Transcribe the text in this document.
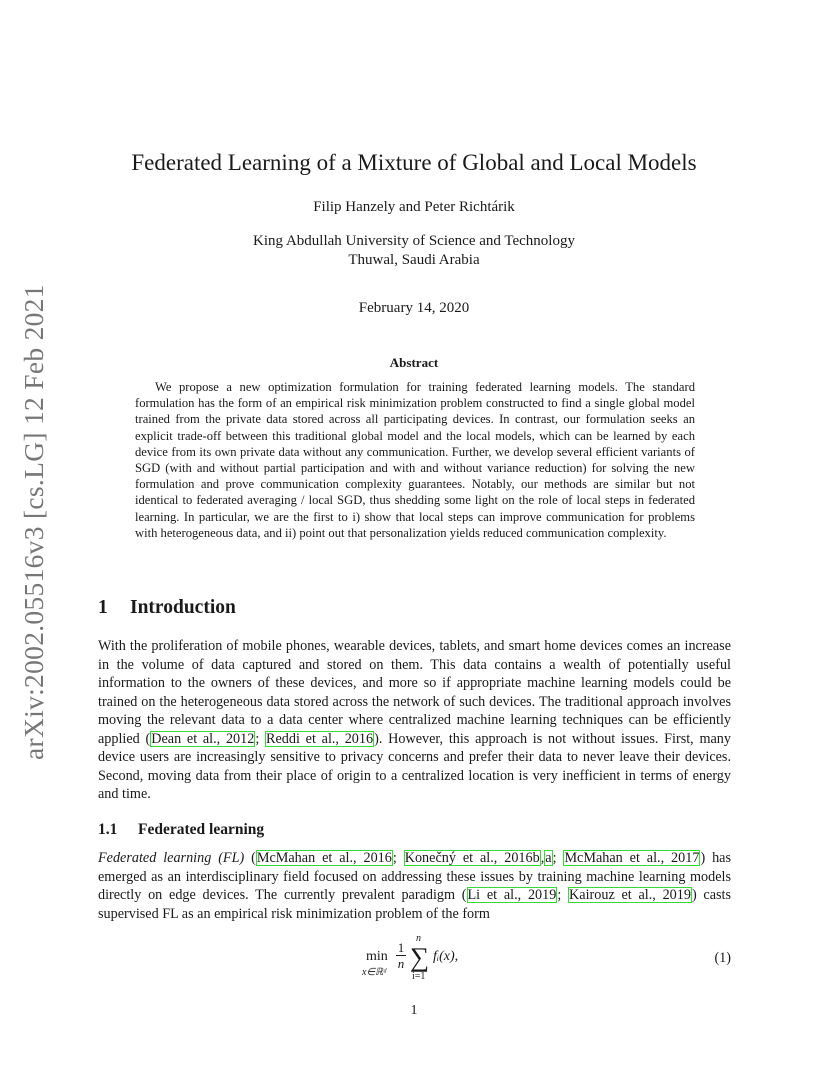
arXiv:2002.05516v3 [cs.LG] 12 Feb 2021
Federated Learning of a Mixture of Global and Local Models
Filip Hanzely and Peter Richtárik
King Abdullah University of Science and Technology
Thuwal, Saudi Arabia
February 14, 2020
Abstract
We propose a new optimization formulation for training federated learning models. The standard formulation has the form of an empirical risk minimization problem constructed to find a single global model trained from the private data stored across all participating devices. In contrast, our formulation seeks an explicit trade-off between this traditional global model and the local models, which can be learned by each device from its own private data without any communication. Further, we develop several efficient variants of SGD (with and without partial participation and with and without variance reduction) for solving the new formulation and prove communication complexity guarantees. Notably, our methods are similar but not identical to federated averaging / local SGD, thus shedding some light on the role of local steps in federated learning. In particular, we are the first to i) show that local steps can improve communication for problems with heterogeneous data, and ii) point out that personalization yields reduced communication complexity.
1 Introduction
With the proliferation of mobile phones, wearable devices, tablets, and smart home devices comes an increase in the volume of data captured and stored on them. This data contains a wealth of potentially useful information to the owners of these devices, and more so if appropriate machine learning models could be trained on the heterogeneous data stored across the network of such devices. The traditional approach involves moving the relevant data to a data center where centralized machine learning techniques can be efficiently applied (Dean et al., 2012; Reddi et al., 2016). However, this approach is not without issues. First, many device users are increasingly sensitive to privacy concerns and prefer their data to never leave their devices. Second, moving data from their place of origin to a centralized location is very inefficient in terms of energy and time.
1.1 Federated learning
Federated learning (FL) (McMahan et al., 2016; Konečný et al., 2016b,a; McMahan et al., 2017) has emerged as an interdisciplinary field focused on addressing these issues by training machine learning models directly on edge devices. The currently prevalent paradigm (Li et al., 2019; Kairouz et al., 2019) casts supervised FL as an empirical risk minimization problem of the form
min
x∈ℝᵈ
$\frac{1}{n}$
n
∑
i=1
fᵢ(x),	(1)
1
